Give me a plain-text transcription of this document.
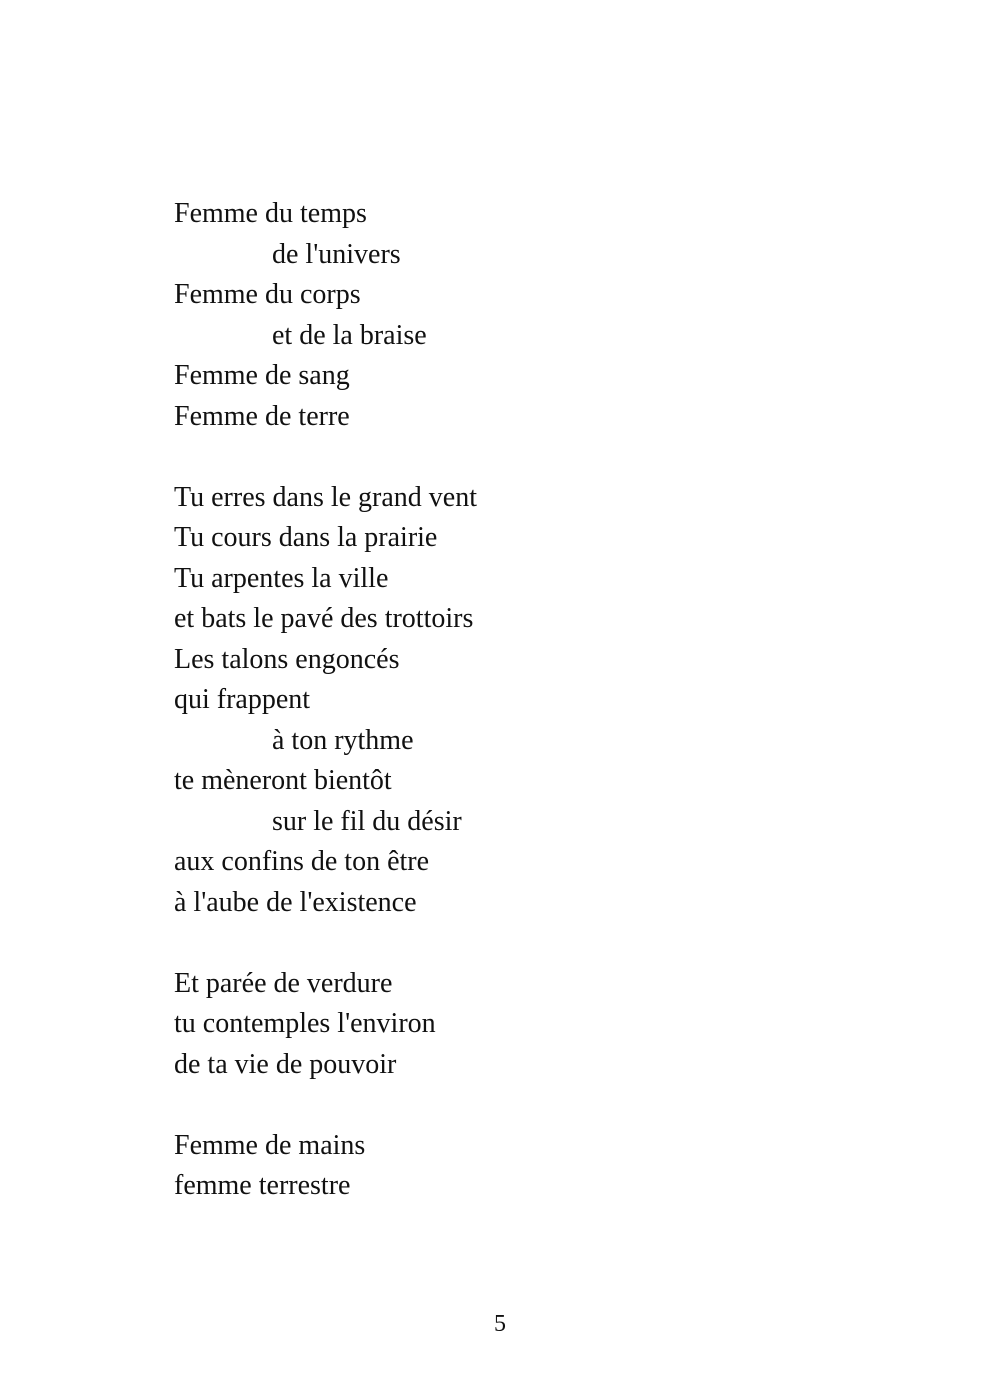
Femme du temps
de l'univers
Femme du corps
et de la braise
Femme de sang
Femme de terre
Tu erres dans le grand vent
Tu cours dans la prairie
Tu arpentes la ville
et bats le pavé des trottoirs
Les talons engoncés
qui frappent
à ton rythme
te mèneront bientôt
sur le fil du désir
aux confins de ton être
à l'aube de l'existence
Et parée de verdure
tu contemples l'environ
de ta vie de pouvoir
Femme de mains
femme terrestre
5
